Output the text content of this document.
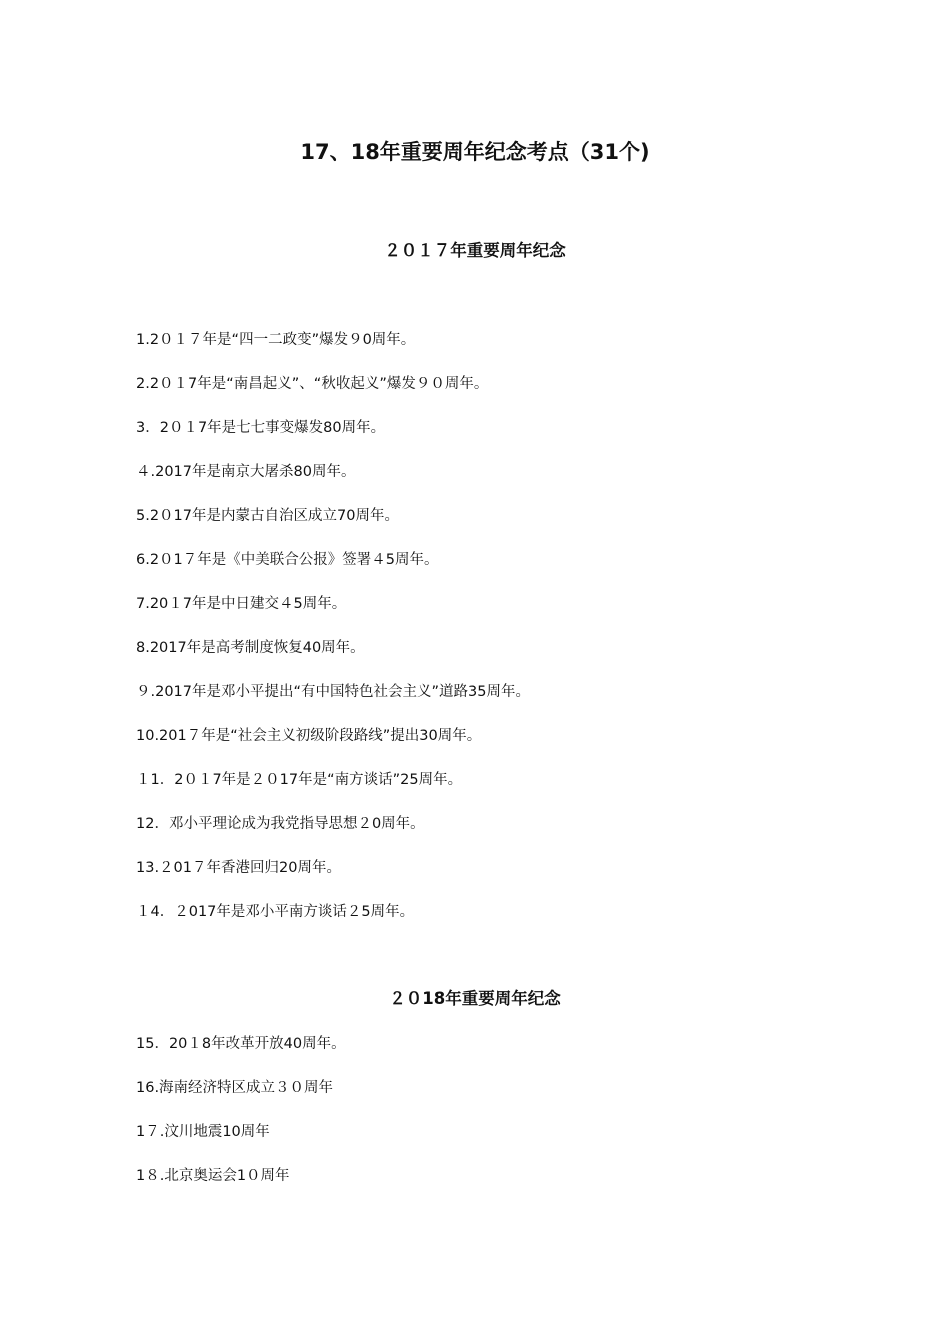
17、18年重要周年纪念考点（31个)
２０１７年重要周年纪念
1.2０１７年是“四一二政变”爆发９0周年。
2.2０１7年是“南昌起义”、“秋收起义”爆发９０周年。
3．2０１7年是七七事变爆发80周年。
４.2017年是南京大屠杀80周年。
5.2０17年是内蒙古自治区成立70周年。
6.2０1７年是《中美联合公报》签署４5周年。
7.20１7年是中日建交４5周年。
8.2017年是高考制度恢复40周年。
９.2017年是邓小平提出“有中国特色社会主义”道路35周年。
10.201７年是“社会主义初级阶段路线”提出30周年。
１1．2０１7年是２０17年是“南方谈话”25周年。
12．邓小平理论成为我党指导思想２0周年。
13.２01７年香港回归20周年。
１4．２017年是邓小平南方谈话２5周年。
２０18年重要周年纪念
15．20１8年改革开放40周年。
16.海南经济特区成立３０周年
1７.汶川地震10周年
1８.北京奥运会1０周年
